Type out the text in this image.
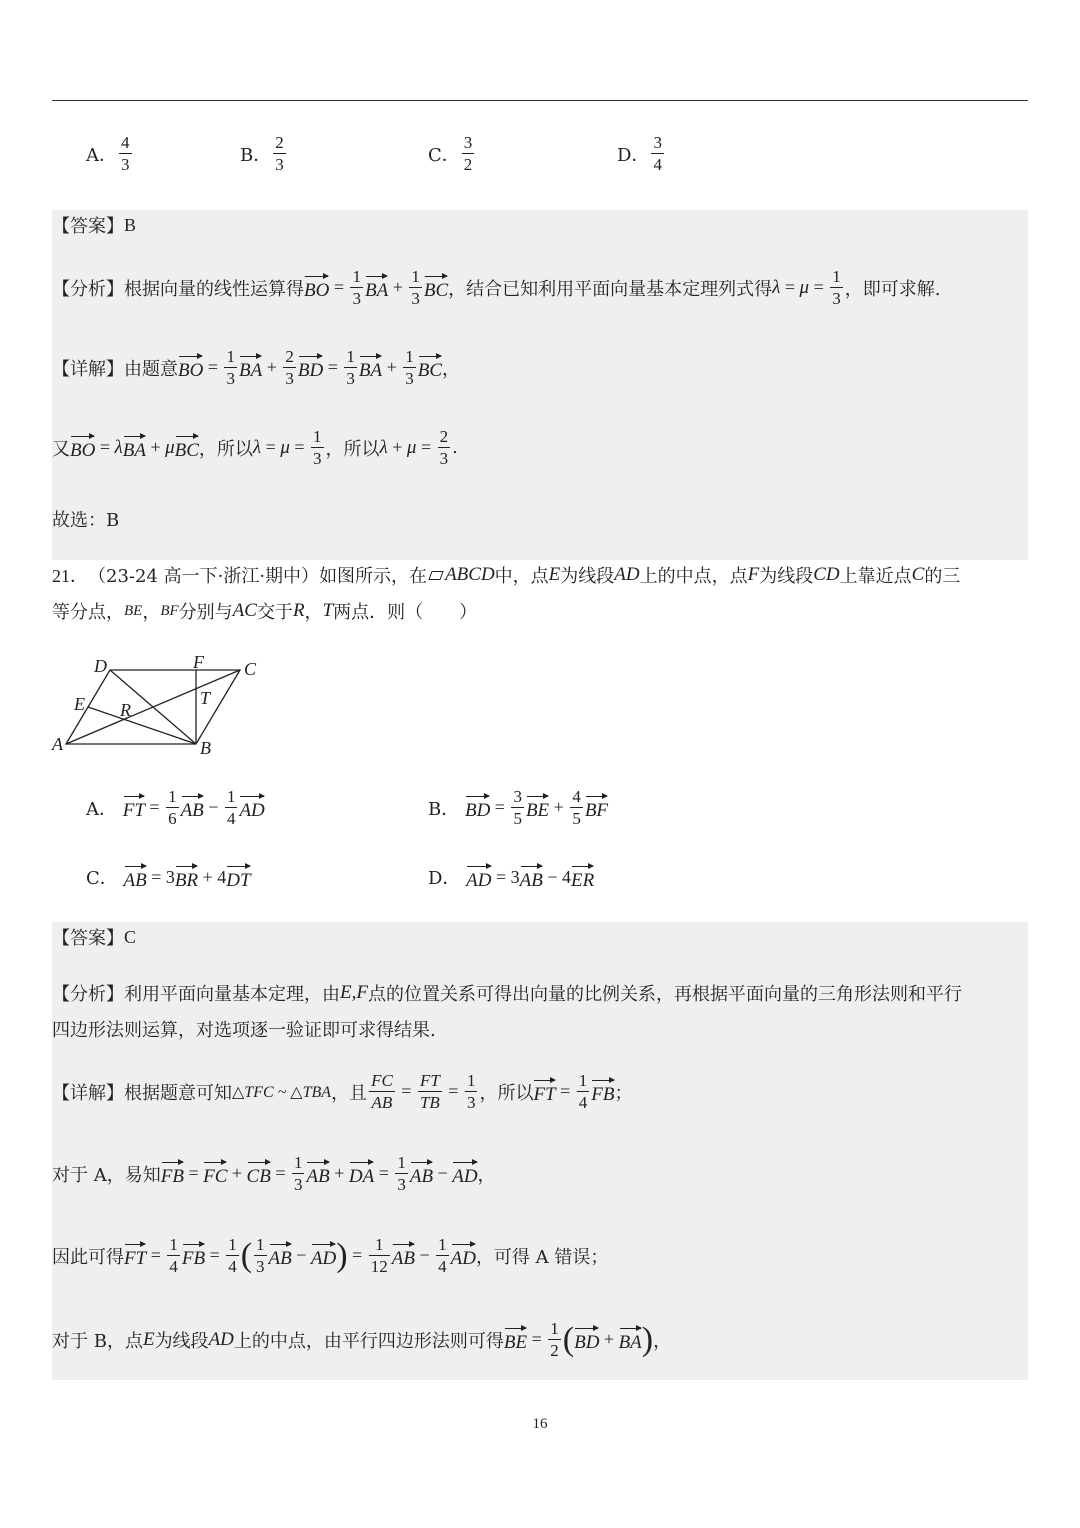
A． $\frac{4}{3}$	B． $\frac{2}{3}$	C． $\frac{3}{2}$	D． $\frac{3}{4}$
【答案】 B
【分析】 根据向量的线性运算得 BO = $\frac{1}{3}$ BA + $\frac{1}{3}$ BC ，结合已知利用平面向量基本定理列式得 $\lambda = \mu = \frac{1}{3}$ ，即可求解.
【详解】 由题意 BO = $\frac{1}{3}$ BA + $\frac{2}{3}$ BD = $\frac{1}{3}$ BA + $\frac{1}{3}$ BC ，
又 BO = λ BA + μ BC ，所以 $\lambda = \mu = \frac{1}{3}$ ，所以 $\lambda + \mu = \frac{2}{3}$ .
故选：B
21． （23-24 高一下·浙江·期中） 如图所示，在 ABCD 中，点 E 为线段 AD 上的中点，点 F 为线段 CD 上靠近点 C 的三
等分点， BE ， BF 分别与 AC 交于 R ， T 两点．则（　　）
D	F C
E	T
R
A	B
A．
FT = $\frac{1}{6}$ AB − $\frac{1}{4}$ AD	B．
BD = $\frac{3}{5}$ BE + $\frac{4}{5}$ BF
C．
AB = 3 BR + 4 DT	D．
AD = 3 AB − 4 ER
【答案】 C
【分析】 利用平面向量基本定理，由 E,F 点的位置关系可得出向量的比例关系，再根据平面向量的三角形法则和平行
四边形法则运算，对选项逐一验证即可求得结果.
【详解】 根据题意可知 △TFC ~ △TBA ，且 $\frac{FC}{AB} = \frac{FT}{TB} = \frac{1}{3}$ ，所以 FT = $\frac{1}{4}$ FB ；
对于 A，易知 FB = FC + CB = $\frac{1}{3}$ AB + DA = $\frac{1}{3}$ AB − AD ，
因此可得 FT = $\frac{1}{4}$ FB = $\frac{1}{4}$ ( $\frac{1}{3}$ AB − AD ) = $\frac{1}{12}$ AB − $\frac{1}{4}$ AD ，可得 A 错误；
对于 B，点 E 为线段 AD 上的中点，由平行四边形法则可得 BE = $\frac{1}{2}$ ( BD + BA ) ，
16
